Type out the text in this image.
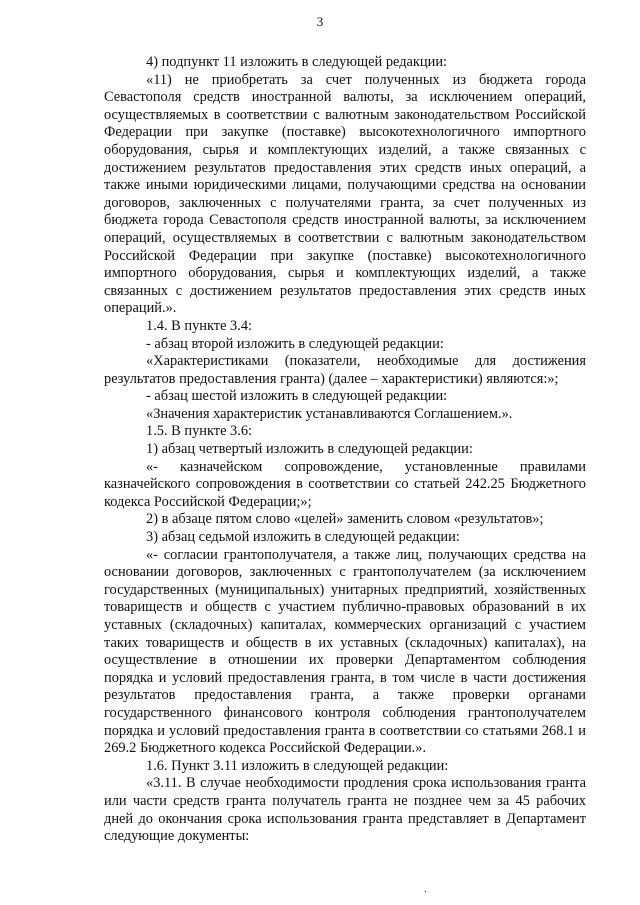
3

4) подпункт 11 изложить в следующей редакции:

«11) не приобретать за счет полученных из бюджета города Севастополя средств иностранной валюты, за исключением операций, осуществляемых в соответствии с валютным законодательством Российской Федерации при закупке (поставке) высокотехнологичного импортного оборудования, сырья и комплектующих изделий, а также связанных с достижением результатов предоставления этих средств иных операций, а также иными юридическими лицами, получающими средства на основании договоров, заключенных с получателями гранта, за счет полученных из бюджета города Севастополя средств иностранной валюты, за исключением операций, осуществляемых в соответствии с валютным законодательством Российской Федерации при закупке (поставке) высокотехнологичного импортного оборудования, сырья и комплектующих изделий, а также связанных с достижением результатов предоставления этих средств иных операций.».

1.4. В пункте 3.4:

- абзац второй изложить в следующей редакции:

«Характеристиками (показатели, необходимые для достижения результатов предоставления гранта) (далее – характеристики) являются:»;

- абзац шестой изложить в следующей редакции:

«Значения характеристик устанавливаются Соглашением.».

1.5. В пункте 3.6:

1) абзац четвертый изложить в следующей редакции:

«- казначейском сопровождение, установленные правилами казначейского сопровождения в соответствии со статьей 242.25 Бюджетного кодекса Российской Федерации;»;

2) в абзаце пятом слово «целей» заменить словом «результатов»;

3) абзац седьмой изложить в следующей редакции:

«- согласии грантополучателя, а также лиц, получающих средства на основании договоров, заключенных с грантополучателем (за исключением государственных (муниципальных) унитарных предприятий, хозяйственных товариществ и обществ с участием публично-правовых образований в их уставных (складочных) капиталах, коммерческих организаций с участием таких товариществ и обществ в их уставных (складочных) капиталах), на осуществление в отношении их проверки Департаментом соблюдения порядка и условий предоставления гранта, в том числе в части достижения результатов предоставления гранта, а также проверки органами государственного финансового контроля соблюдения грантополучателем порядка и условий предоставления гранта в соответствии со статьями 268.1 и 269.2 Бюджетного кодекса Российской Федерации.».

1.6. Пункт 3.11 изложить в следующей редакции:

«3.11. В случае необходимости продления срока использования гранта или части средств гранта получатель гранта не позднее чем за 45 рабочих дней до окончания срока использования гранта представляет в Департамент следующие документы:

.
